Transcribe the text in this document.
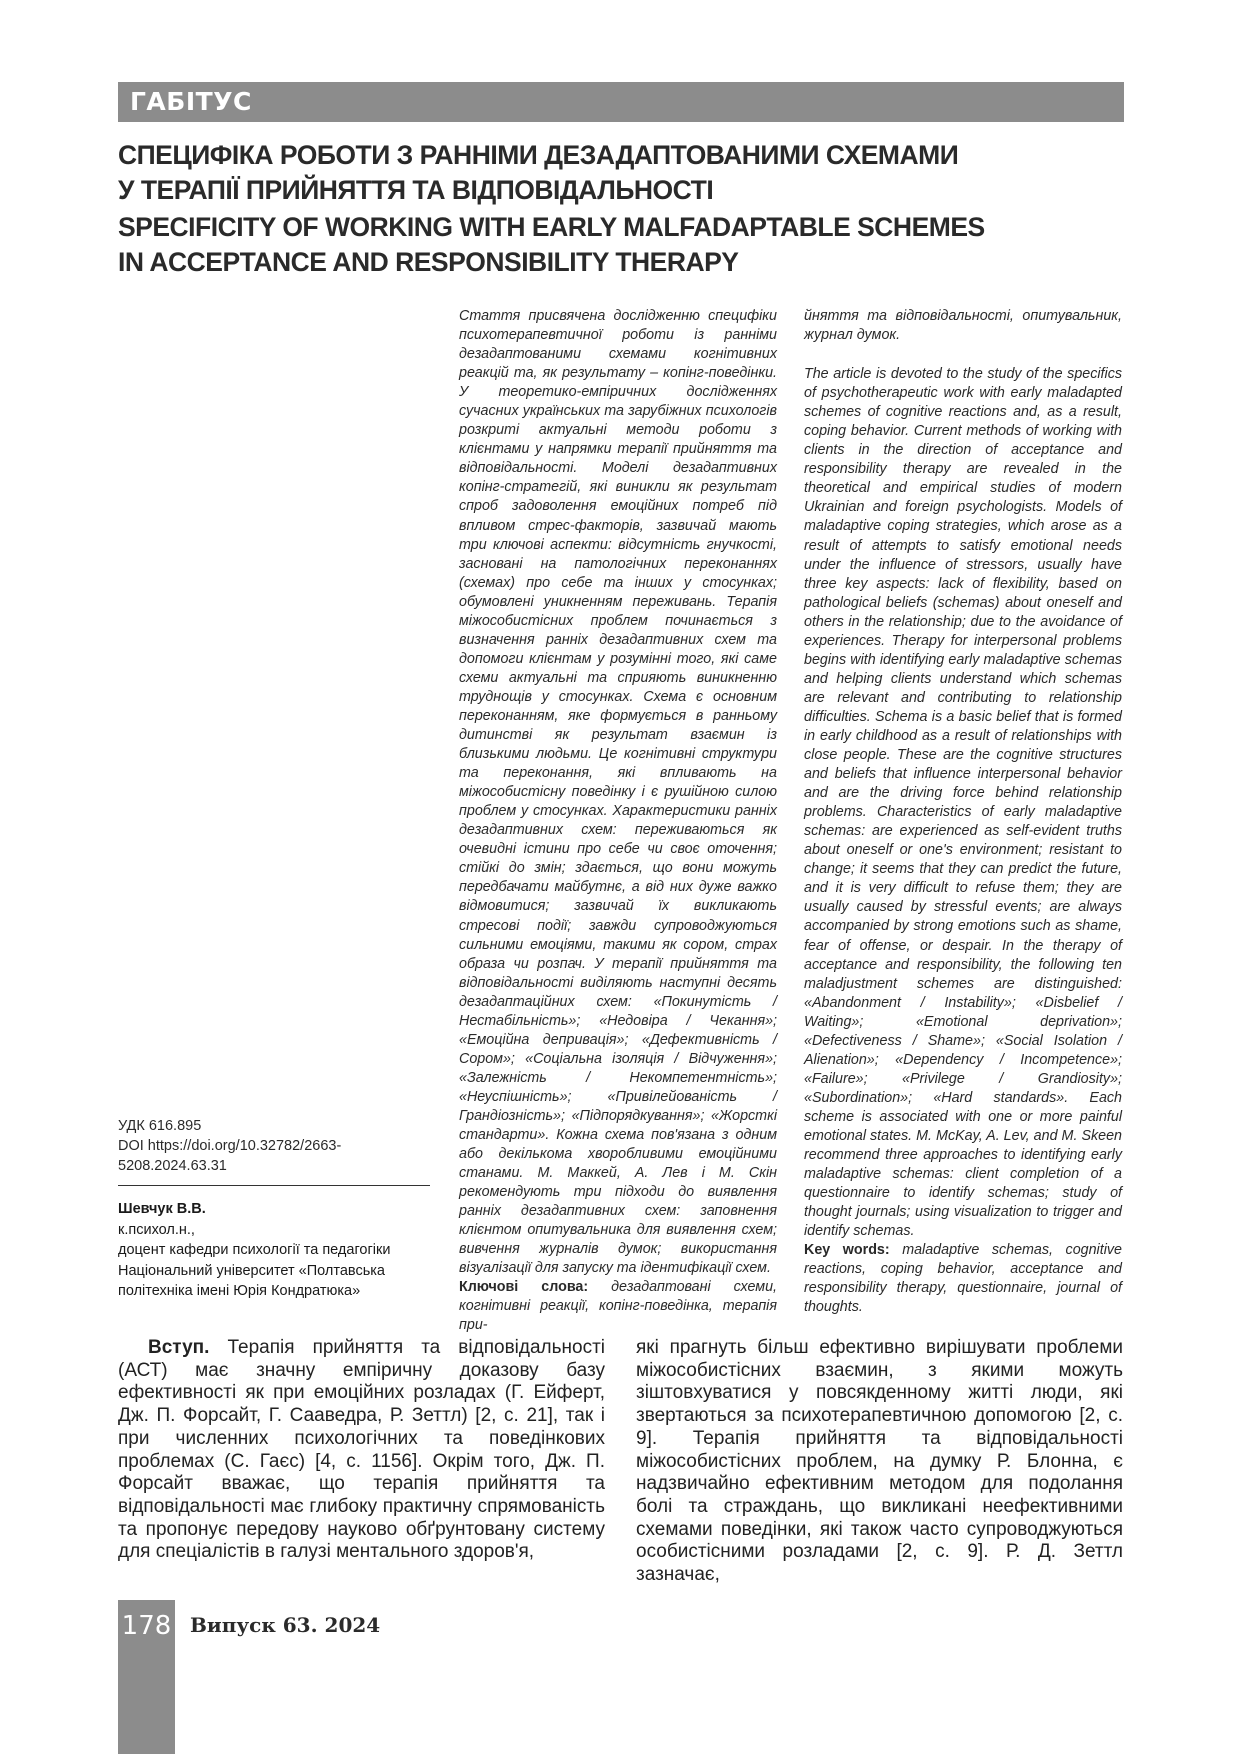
ГАБІТУС
СПЕЦИФІКА РОБОТИ З РАННІМИ ДЕЗАДАПТОВАНИМИ СХЕМАМИ
У ТЕРАПІЇ ПРИЙНЯТТЯ ТА ВІДПОВІДАЛЬНОСТІ
SPECIFICITY OF WORKING WITH EARLY MALFADAPTABLE SCHEMES
IN ACCEPTANCE AND RESPONSIBILITY THERAPY

Стаття присвячена дослідженню специфіки психотерапевтичної роботи із ранніми дезадаптованими схемами когнітивних реакцій та, як результату – копінг-поведінки. У теоретико-емпіричних дослідженнях сучасних українських та зарубіжних психологів розкриті актуальні методи роботи з клієнтами у напрямки терапії прийняття та відповідальності. Моделі дезадаптивних копінг-стратегій, які виникли як результат спроб задоволення емоційних потреб під впливом стрес-факторів, зазвичай мають три ключові аспекти: відсутність гнучкості, засновані на патологічних переконаннях (схемах) про себе та інших у стосунках; обумовлені уникненням переживань. Терапія міжособистісних проблем починається з визначення ранніх дезадаптивних схем та допомоги клієнтам у розумінні того, які саме схеми актуальні та сприяють виникненню труднощів у стосунках. Схема є основним переконанням, яке формується в ранньому дитинстві як результат взаємин із близькими людьми. Це когнітивні структури та переконання, які впливають на міжособистісну поведінку і є рушійною силою проблем у стосунках. Характеристики ранніх дезадаптивних схем: переживаються як очевидні істини про себе чи своє оточення; стійкі до змін; здається, що вони можуть передбачати майбутнє, а від них дуже важко відмовитися; зазвичай їх викликають стресові події; завжди супроводжуються сильними емоціями, такими як сором, страх образа чи розпач. У терапії прийняття та відповідальності виділяють наступні десять дезадаптаційних схем: «Покинутість / Нестабільність»; «Недовіра / Чекання»; «Емоційна депривація»; «Дефективність / Сором»; «Соціальна ізоляція / Відчуження»; «Залежність / Некомпетентність»; «Неуспішність»; «Привілейованість / Грандіозність»; «Підпорядкування»; «Жорсткі стандарти». Кожна схема пов'язана з одним або декількома хворобливими емоційними станами. М. Маккей, А. Лев і М. Скін рекомендують три підходи до виявлення ранніх дезадаптивних схем: заповнення клієнтом опитувальника для виявлення схем; вивчення журналів думок; використання візуалізації для запуску та ідентифікації схем.

Ключові слова: дезадаптовані схеми, когнітивні реакції, копінг-поведінка, терапія при-

йняття та відповідальності, опитувальник, журнал думок.

The article is devoted to the study of the specifics of psychotherapeutic work with early maladapted schemes of cognitive reactions and, as a result, coping behavior. Current methods of working with clients in the direction of acceptance and responsibility therapy are revealed in the theoretical and empirical studies of modern Ukrainian and foreign psychologists. Models of maladaptive coping strategies, which arose as a result of attempts to satisfy emotional needs under the influence of stressors, usually have three key aspects: lack of flexibility, based on pathological beliefs (schemas) about oneself and others in the relationship; due to the avoidance of experiences. Therapy for interpersonal problems begins with identifying early maladaptive schemas and helping clients understand which schemas are relevant and contributing to relationship difficulties. Schema is a basic belief that is formed in early childhood as a result of relationships with close people. These are the cognitive structures and beliefs that influence interpersonal behavior and are the driving force behind relationship problems. Characteristics of early maladaptive schemas: are experienced as self-evident truths about oneself or one's environment; resistant to change; it seems that they can predict the future, and it is very difficult to refuse them; they are usually caused by stressful events; are always accompanied by strong emotions such as shame, fear of offense, or despair. In the therapy of acceptance and responsibility, the following ten maladjustment schemes are distinguished: «Abandonment / Instability»; «Disbelief / Waiting»; «Emotional deprivation»; «Defectiveness / Shame»; «Social Isolation / Alienation»; «Dependency / Incompetence»; «Failure»; «Privilege / Grandiosity»; «Subordination»; «Hard standards». Each scheme is associated with one or more painful emotional states. M. McKay, A. Lev, and M. Skeen recommend three approaches to identifying early maladaptive schemas: client completion of a questionnaire to identify schemas; study of thought journals; using visualization to trigger and identify schemas.

Key words: maladaptive schemas, cognitive reactions, coping behavior, acceptance and responsibility therapy, questionnaire, journal of thoughts.

УДК 616.895
DOI https://doi.org/10.32782/2663-
5208.2024.63.31
Шевчук В.В.
к.психол.н.,
доцент кафедри психології та педагогіки
Національний університет «Полтавська
політехніка імені Юрія Кондратюка»

Вступ. Терапія прийняття та відповідальності (АСТ) має значну емпіричну доказову базу ефективності як при емоційних розладах (Г. Ейферт, Дж. П. Форсайт, Г. Сааведра, Р. Зеттл) [2, с. 21], так і при численних психологічних та поведінкових проблемах (С. Гаєс) [4, с. 1156]. Окрім того, Дж. П. Форсайт вважає, що терапія прийняття та відповідальності має глибоку практичну спрямованість та пропонує передову науково обґрунтовану систему для спеціалістів в галузі ментального здоров'я,

які прагнуть більш ефективно вирішувати проблеми міжособистісних взаємин, з якими можуть зіштовхуватися у повсякденному житті люди, які звертаються за психотерапевтичною допомогою [2, с. 9]. Терапія прийняття та відповідальності міжособистісних проблем, на думку Р. Блонна, є надзвичайно ефективним методом для подолання болі та страждань, що викликані неефективними схемами поведінки, які також часто супроводжуються особистісними розладами [2, с. 9]. Р. Д. Зеттл зазначає,

178 Випуск 63. 2024
